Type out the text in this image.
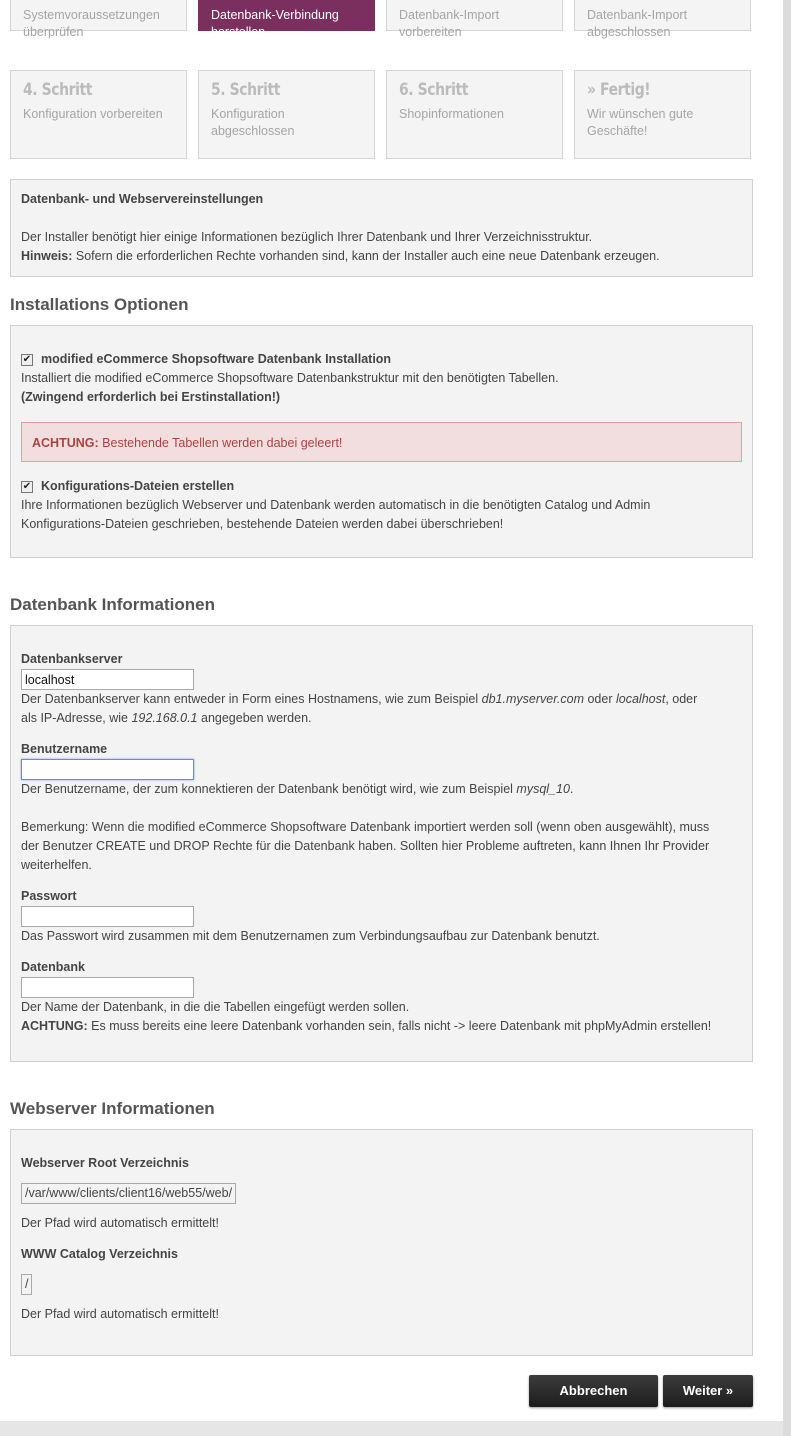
Systemvoraussetzungen überprüfen
Datenbank-Verbindung herstellen
Datenbank-Import vorbereiten
Datenbank-Import abgeschlossen
4. Schritt
Konfiguration vorbereiten
5. Schritt
Konfiguration abgeschlossen
6. Schritt
Shopinformationen
» Fertig!
Wir wünschen gute Geschäfte!
Datenbank- und Webservereinstellungen
Der Installer benötigt hier einige Informationen bezüglich Ihrer Datenbank und Ihrer Verzeichnisstruktur.
Hinweis: Sofern die erforderlichen Rechte vorhanden sind, kann der Installer auch eine neue Datenbank erzeugen.
Installations Optionen
✔ modified eCommerce Shopsoftware Datenbank Installation
Installiert die modified eCommerce Shopsoftware Datenbankstruktur mit den benötigten Tabellen.
(Zwingend erforderlich bei Erstinstallation!)
ACHTUNG: Bestehende Tabellen werden dabei geleert!
✔ Konfigurations-Dateien erstellen
Ihre Informationen bezüglich Webserver und Datenbank werden automatisch in die benötigten Catalog und Admin
Konfigurations-Dateien geschrieben, bestehende Dateien werden dabei überschrieben!
Datenbank Informationen
Datenbankserver
localhost
Der Datenbankserver kann entweder in Form eines Hostnamens, wie zum Beispiel db1.myserver.com oder localhost, oder
als IP-Adresse, wie 192.168.0.1 angegeben werden.
Benutzername
Der Benutzername, der zum konnektieren der Datenbank benötigt wird, wie zum Beispiel mysql_10.
Bemerkung: Wenn die modified eCommerce Shopsoftware Datenbank importiert werden soll (wenn oben ausgewählt), muss
der Benutzer CREATE und DROP Rechte für die Datenbank haben. Sollten hier Probleme auftreten, kann Ihnen Ihr Provider
weiterhelfen.
Passwort
Das Passwort wird zusammen mit dem Benutzernamen zum Verbindungsaufbau zur Datenbank benutzt.
Datenbank
Der Name der Datenbank, in die die Tabellen eingefügt werden sollen.
ACHTUNG: Es muss bereits eine leere Datenbank vorhanden sein, falls nicht -> leere Datenbank mit phpMyAdmin erstellen!
Webserver Informationen
Webserver Root Verzeichnis
/var/www/clients/client16/web55/web/
Der Pfad wird automatisch ermittelt!
WWW Catalog Verzeichnis
/
Der Pfad wird automatisch ermittelt!
Abbrechen	Weiter »
